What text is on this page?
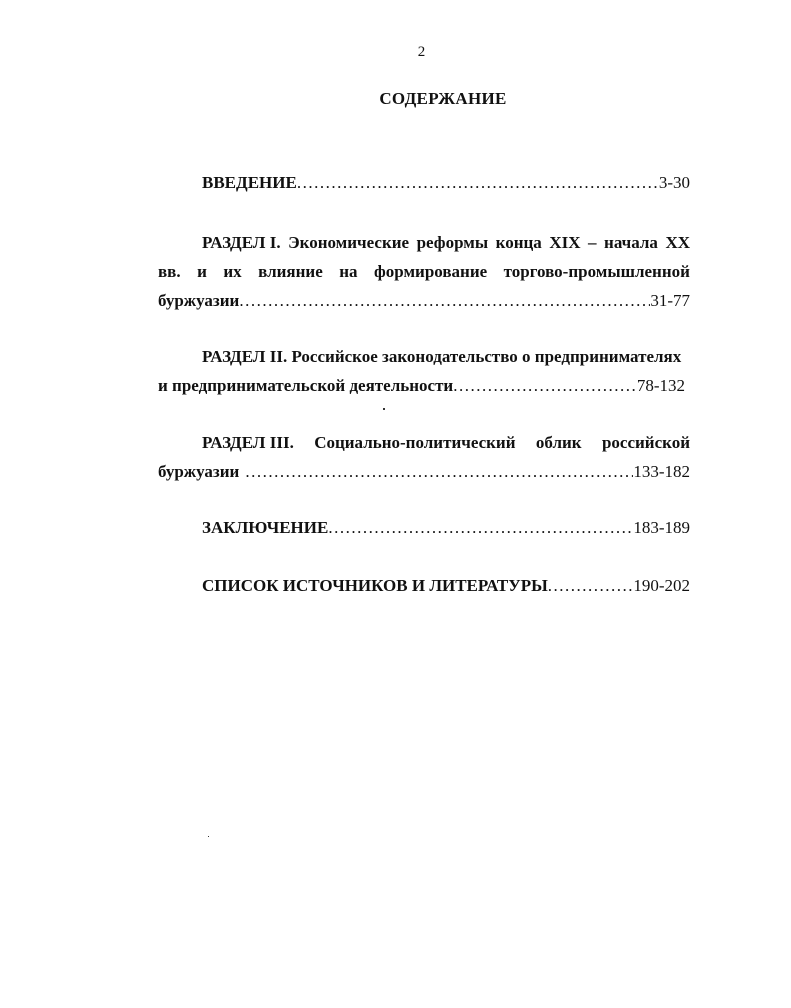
2
СОДЕРЖАНИЕ
ВВЕДЕНИЕ .....	3-30
РАЗДЕЛ I. Экономические реформы конца XIX – начала XX
вв. и их влияние на формирование торгово-промышленной
буржуазии .....	31-77
РАЗДЕЛ II. Российское законодательство о предпринимателях
и предпринимательской деятельности .....	78-132
РАЗДЕЛ III. Социально-политический облик российской
буржуазии .....	133-182
ЗАКЛЮЧЕНИЕ .....	183-189
СПИСОК ИСТОЧНИКОВ И ЛИТЕРАТУРЫ .....	190-202
